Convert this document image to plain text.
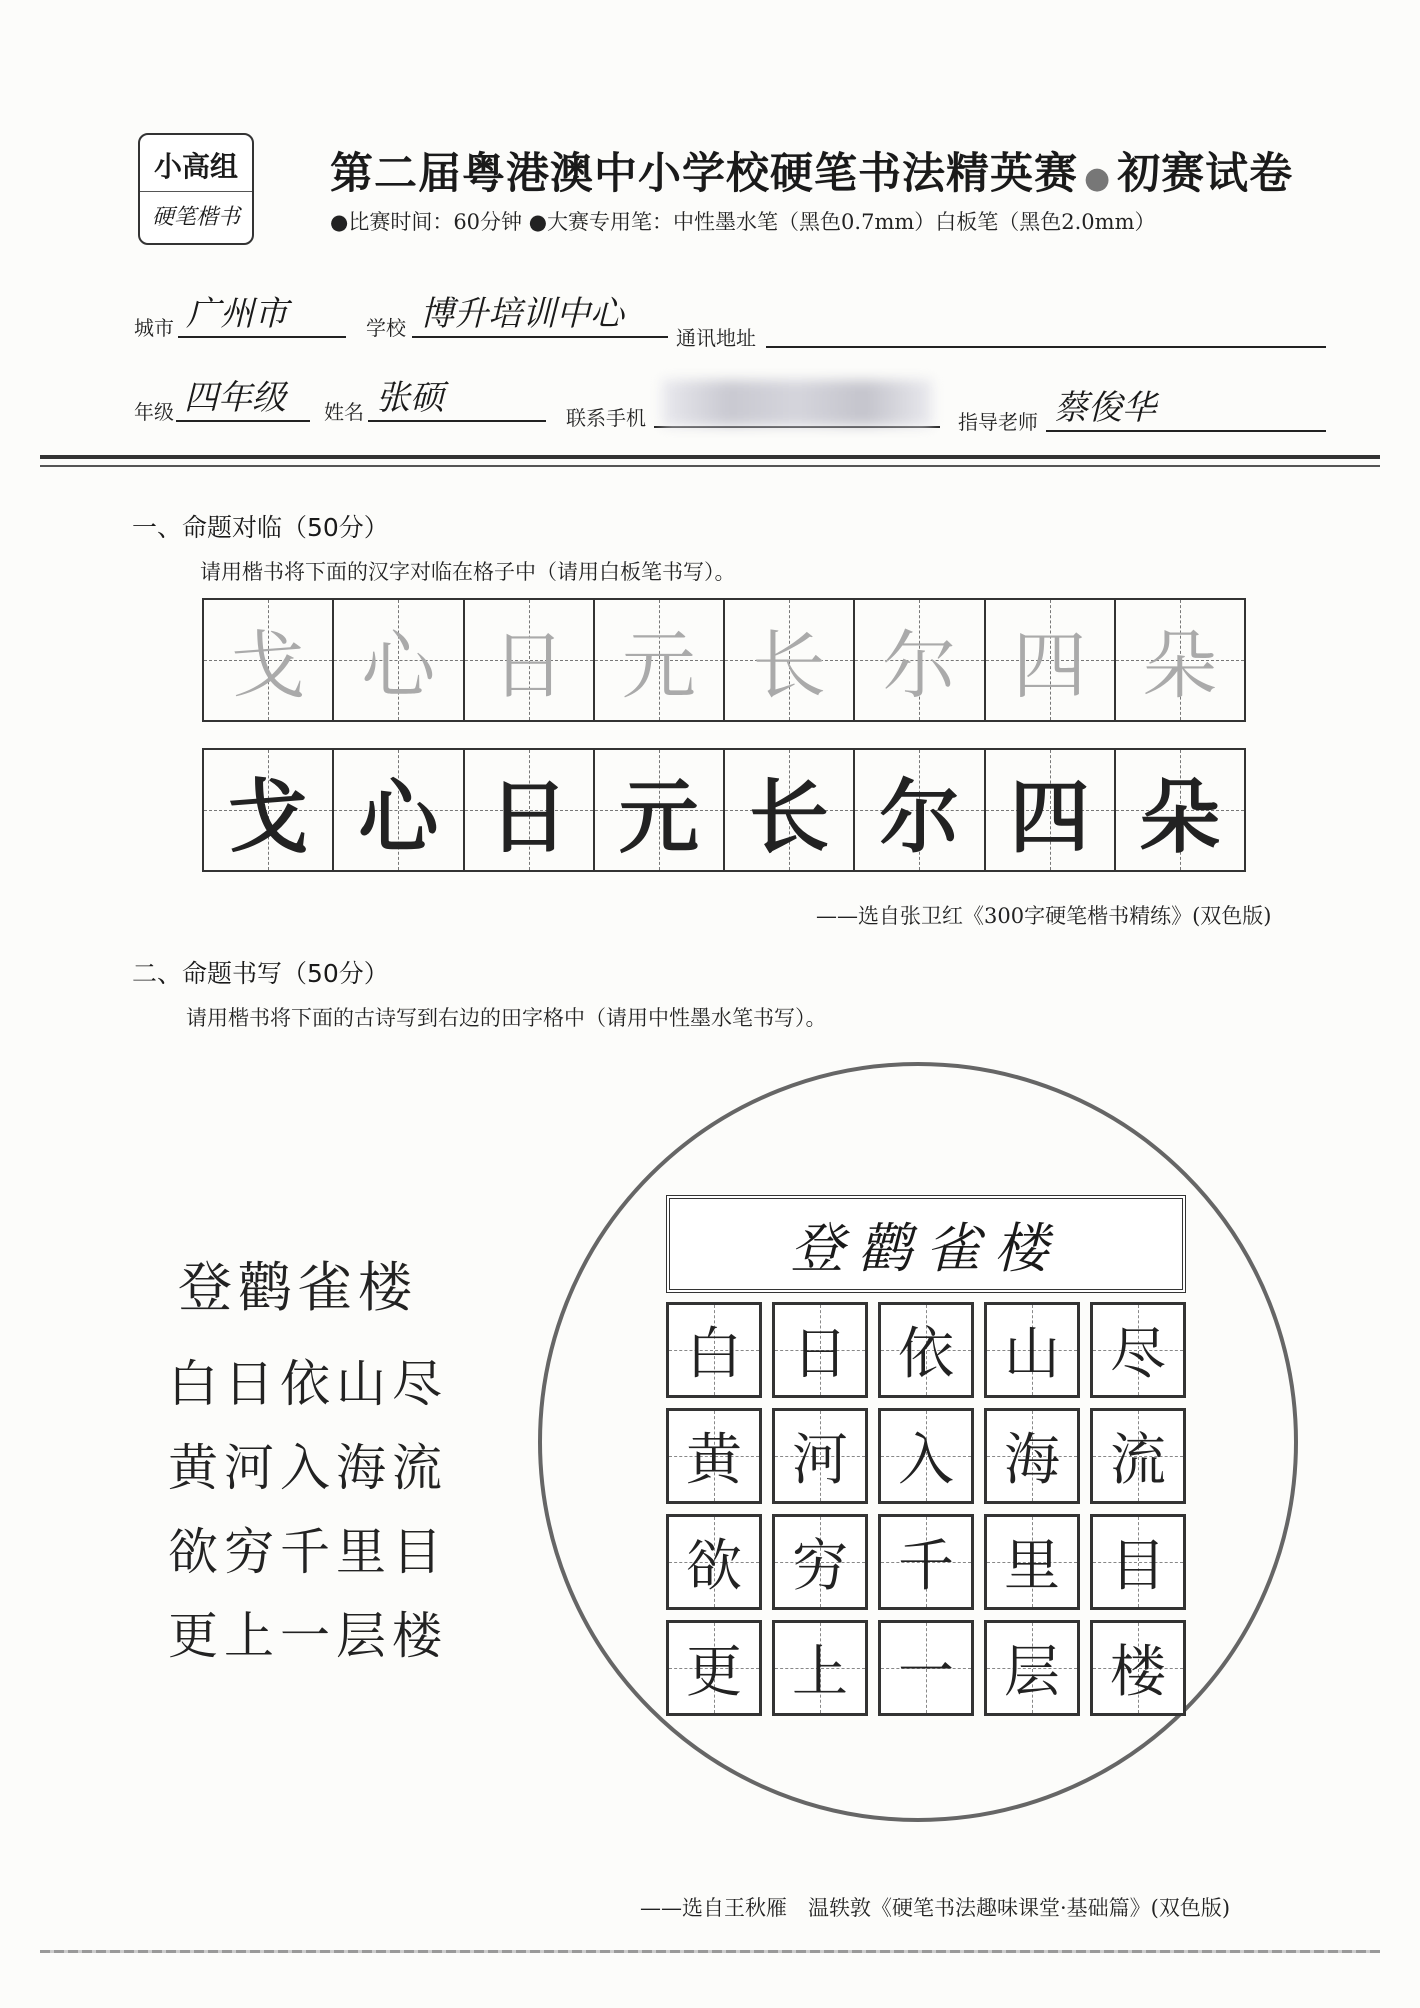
小高组
硬笔楷书
第二届粤港澳中小学校硬笔书法精英赛 ● 初赛试卷
●比赛时间：60分钟 ●大赛专用笔：中性墨水笔（黑色0.7mm）白板笔（黑色2.0mm）
城市 广州市	学校 博升培训中心
通讯地址
年级 四年级	姓名 张硕	联系手机	指导老师 蔡俊华
一、命题对临（50分）
请用楷书将下面的汉字对临在格子中（请用白板笔书写）。
戈 心 日 元 长 尔 四 朵
戈 心 日 元 长 尔 四 朵
——选自张卫红《300字硬笔楷书精练》(双色版)
二、命题书写（50分）
请用楷书将下面的古诗写到右边的田字格中（请用中性墨水笔书写）。
登鹳雀楼
白日依山尽
黄河入海流
欲穷千里目
更上一层楼
登鹳雀楼
白 日 依 山 尽
黄 河 入 海 流
欲 穷 千 里 目
更 上 一 层 楼
——选自王秋雁　温轶敦《硬笔书法趣味课堂·基础篇》(双色版)
